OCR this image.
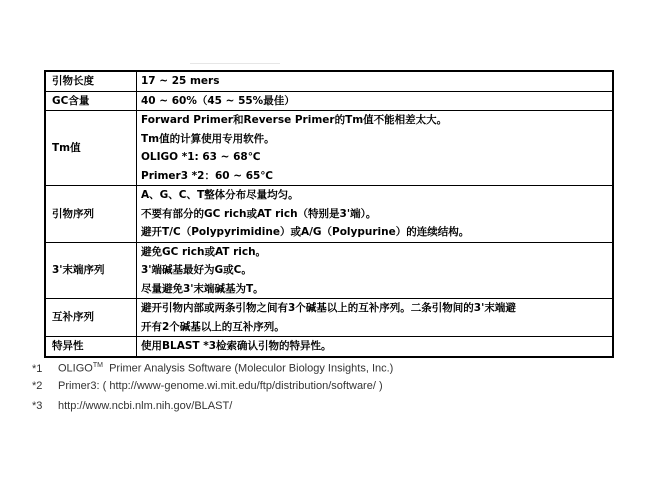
引物长度	17 ~ 25 mers

GC含量	40 ~ 60%（45 ~ 55%最佳）

Tm值	Forward Primer和Reverse Primer的Tm值不能相差太大。
Tm值的计算使用专用软件。
OLIGO *1: 63 ~ 68℃
Primer3 *2：60 ~ 65℃

引物序列	A、G、C、T整体分布尽量均匀。
不要有部分的GC rich或AT rich（特别是3'端）。
避开T/C（Polypyrimidine）或A/G（Polypurine）的连续结构。

3'末端序列	避免GC rich或AT rich。
3'端碱基最好为G或C。
尽量避免3'末端碱基为T。

互补序列	避开引物内部或两条引物之间有3个碱基以上的互补序列。二条引物间的3'末端避
开有2个碱基以上的互补序列。

特异性	使用BLAST *3检索确认引物的特异性。
*1 OLIGO™  Primer Analysis Software (Moleculor Biology Insights, Inc.)
*2 Primer3: ( http://www-genome.wi.mit.edu/ftp/distribution/software/ )
*3 http://www.ncbi.nlm.nih.gov/BLAST/
